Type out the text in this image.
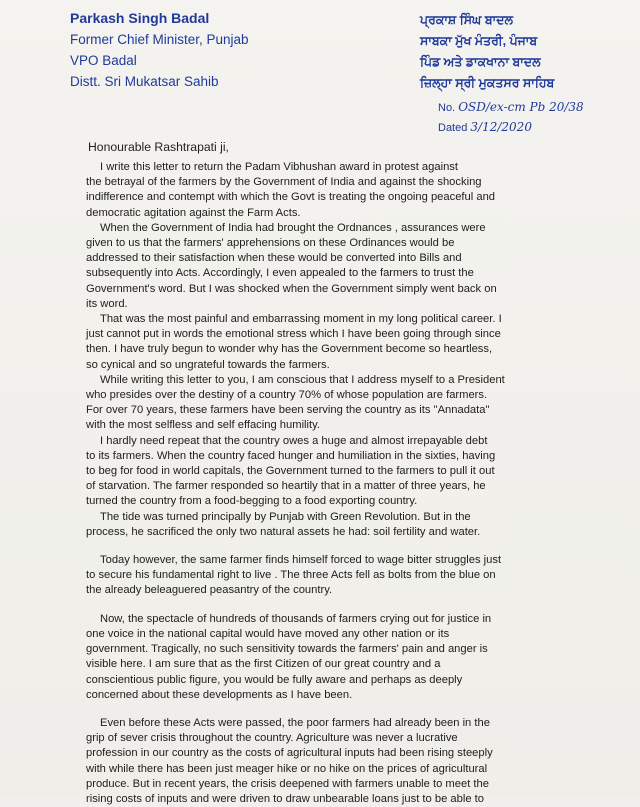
Parkash Singh Badal
Former Chief Minister, Punjab
VPO Badal
Distt. Sri Mukatsar Sahib
ਪ੍ਰਕਾਸ਼ ਸਿੰਘ ਬਾਦਲ
ਸਾਬਕਾ ਮੁੱਖ ਮੰਤਰੀ, ਪੰਜਾਬ
ਪਿੰਡ ਅਤੇ ਡਾਕਖਾਨਾ ਬਾਦਲ
ਜ਼ਿਲ੍ਹਾ ਸ੍ਰੀ ਮੁਕਤਸਰ ਸਾਹਿਬ
No. OSD/ex-cm Pb 20/38
Dated 3/12/2020
Honourable Rashtrapati ji,

I write this letter to return the Padam Vibhushan award in protest against
the betrayal of the farmers by the Government of India and against the shocking
indifference and contempt with which the Govt is treating the ongoing peaceful and
democratic agitation against the Farm Acts.

When the Government of India had brought the Ordnances , assurances were
given to us that the farmers' apprehensions on these Ordinances would be
addressed to their satisfaction when these would be converted into Bills and
subsequently into Acts. Accordingly, I even appealed to the farmers to trust the
Government's word. But I was shocked when the Government simply went back on
its word.

That was the most painful and embarrassing moment in my long political career. I
just cannot put in words the emotional stress which I have been going through since
then. I have truly begun to wonder why has the Government become so heartless,
so cynical and so ungrateful towards the farmers.

While writing this letter to you, I am conscious that I address myself to a President
who presides over the destiny of a country 70% of whose population are farmers.
For over 70 years, these farmers have been serving the country as its "Annadata"
with the most selfless and self effacing humility.

I hardly need repeat that the country owes a huge and almost irrepayable debt
to its farmers. When the country faced hunger and humiliation in the sixties, having
to beg for food in world capitals, the Government turned to the farmers to pull it out
of starvation. The farmer responded so heartily that in a matter of three years, he
turned the country from a food-begging to a food exporting country.

The tide was turned principally by Punjab with Green Revolution. But in the
process, he sacrificed the only two natural assets he had: soil fertility and water.

Today however, the same farmer finds himself forced to wage bitter struggles just
to secure his fundamental right to live . The three Acts fell as bolts from the blue on
the already beleaguered peasantry of the country.

Now, the spectacle of hundreds of thousands of farmers crying out for justice in
one voice in the national capital would have moved any other nation or its
government. Tragically, no such sensitivity towards the farmers' pain and anger is
visible here. I am sure that as the first Citizen of our great country and a
conscientious public figure, you would be fully aware and perhaps as deeply
concerned about these developments as I have been.

Even before these Acts were passed, the poor farmers had already been in the
grip of sever crisis throughout the country. Agriculture was never a lucrative
profession in our country as the costs of agricultural inputs had been rising steeply
with while there has been just meager hike or no hike on the prices of agricultural
produce. But in recent years, the crisis deepened with farmers unable to meet the
rising costs of inputs and were driven to draw unbearable loans just to be able to
